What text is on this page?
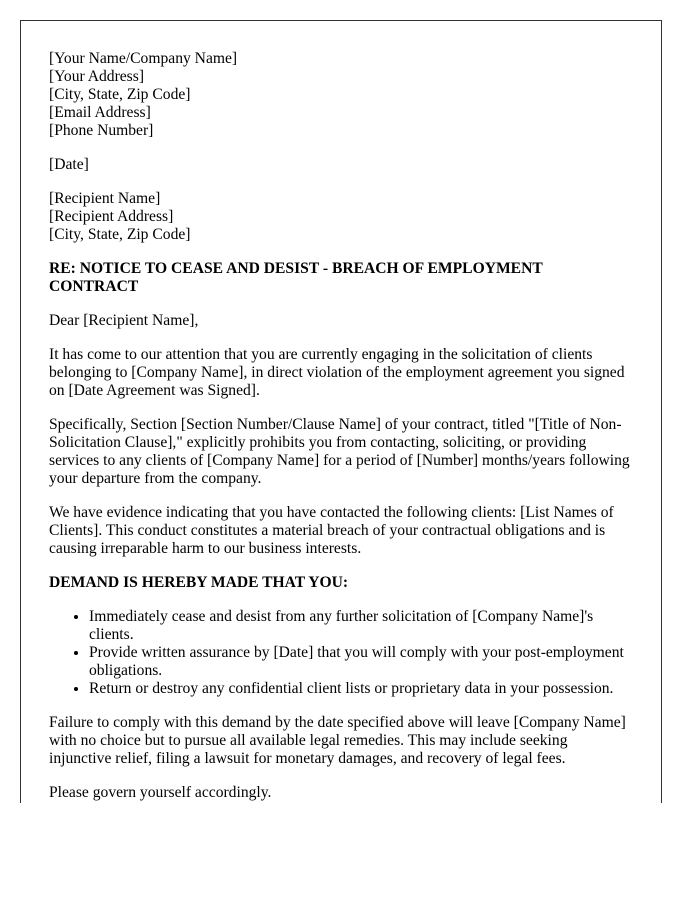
[Your Name/Company Name]
[Your Address]
[City, State, Zip Code]
[Email Address]
[Phone Number]
[Date]
[Recipient Name]
[Recipient Address]
[City, State, Zip Code]
RE: NOTICE TO CEASE AND DESIST - BREACH OF EMPLOYMENT CONTRACT

Dear [Recipient Name],

It has come to our attention that you are currently engaging in the solicitation of clients belonging to [Company Name], in direct violation of the employment agreement you signed on [Date Agreement was Signed].

Specifically, Section [Section Number/Clause Name] of your contract, titled "[Title of Non-Solicitation Clause]," explicitly prohibits you from contacting, soliciting, or providing services to any clients of [Company Name] for a period of [Number] months/years following your departure from the company.

We have evidence indicating that you have contacted the following clients: [List Names of Clients]. This conduct constitutes a material breach of your contractual obligations and is causing irreparable harm to our business interests.

DEMAND IS HEREBY MADE THAT YOU:
• Immediately cease and desist from any further solicitation of [Company Name]'s clients.
• Provide written assurance by [Date] that you will comply with your post-employment obligations.
• Return or destroy any confidential client lists or proprietary data in your possession.

Failure to comply with this demand by the date specified above will leave [Company Name] with no choice but to pursue all available legal remedies. This may include seeking injunctive relief, filing a lawsuit for monetary damages, and recovery of legal fees.

Please govern yourself accordingly.
